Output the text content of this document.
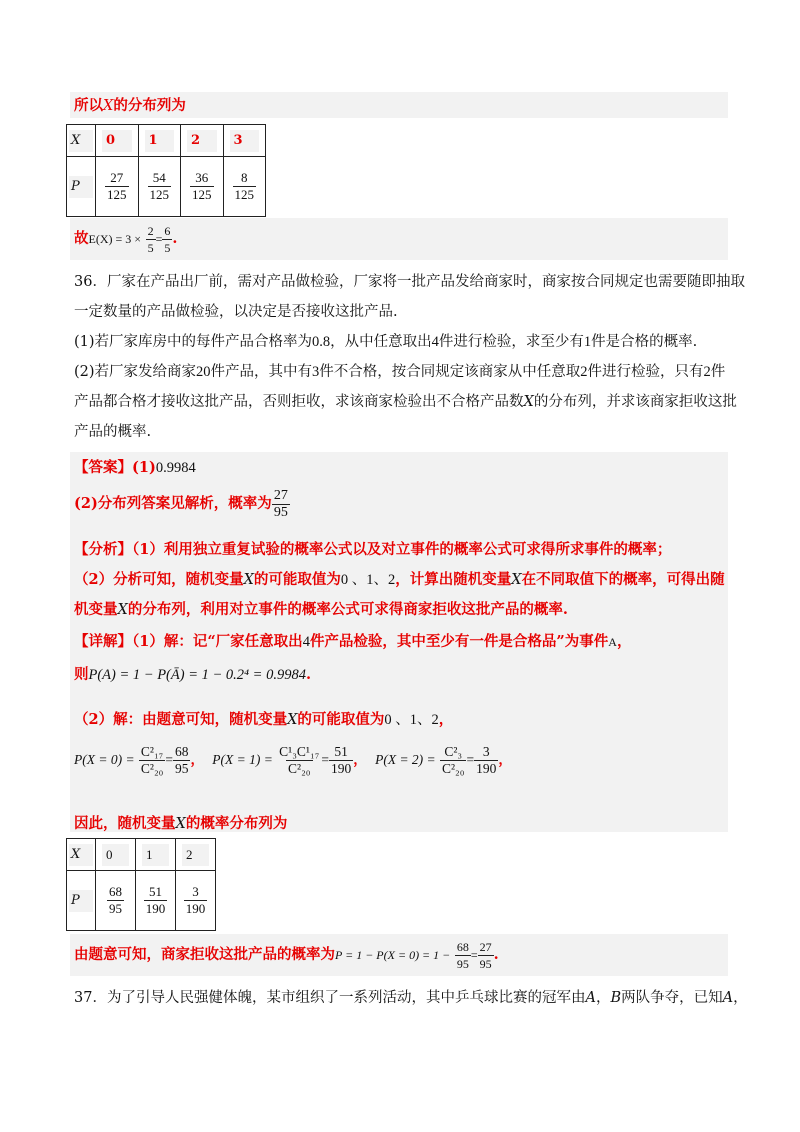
所以X的分布列为
X	0	1	2	3

P	$\frac{27}{125}$	$\frac{54}{125}$	$\frac{36}{125}$	$\frac{8}{125}$
故$E(X) = 3 \times \frac{2}{5} = \frac{6}{5}$ .
36．厂家在产品出厂前，需对产品做检验，厂家将一批产品发给商家时，商家按合同规定也需要随即抽取
一定数量的产品做检验，以决定是否接收这批产品.
(1)若厂家库房中的每件产品合格率为0.8，从中任意取出4件进行检验，求至少有1件是合格的概率.
(2)若厂家发给商家20件产品，其中有3件不合格，按合同规定该商家从中任意取2件进行检验，只有2件
产品都合格才接收这批产品，否则拒收，求该商家检验出不合格产品数X的分布列，并求该商家拒收这批
产品的概率.
【答案】(1)0.9984
(2)分布列答案见解析，概率为 $\frac{27}{95}$
【分析】（1）利用独立重复试验的概率公式以及对立事件的概率公式可求得所求事件的概率；
（2）分析可知，随机变量X的可能取值为0 、1、2，计算出随机变量X在不同取值下的概率，可得出随
机变量X的分布列，利用对立事件的概率公式可求得商家拒收这批产品的概率.
【详解】（1）解：记“厂家任意取出4件产品检验，其中至少有一件是合格品”为事件A，
则P(A) = 1 − P(Ā) = 1 − 0.2⁴ = 0.9984.
（2）解：由题意可知，随机变量X的可能取值为0 、1、2，
$P(X = 0) = \frac{\text{C²₁₇}}{\text{C²₂₀}} = \frac{68}{95}$ ， $P(X = 1) = \frac{\text{C¹₃C¹₁₇}}{\text{C²₂₀}} = \frac{51}{190}$ ， $P(X = 2) = \frac{\text{C²₃}}{\text{C²₂₀}} = \frac{3}{190}$ ，
因此，随机变量X的概率分布列为
X	0	1	2

P	$\frac{68}{95}$	$\frac{51}{190}$	$\frac{3}{190}$
由题意可知，商家拒收这批产品的概率为$P = 1 - P(X = 0) = 1 - \frac{68}{95} = \frac{27}{95}$ .
37．为了引导人民强健体魄，某市组织了一系列活动，其中乒乓球比赛的冠军由A，B两队争夺，已知A，
